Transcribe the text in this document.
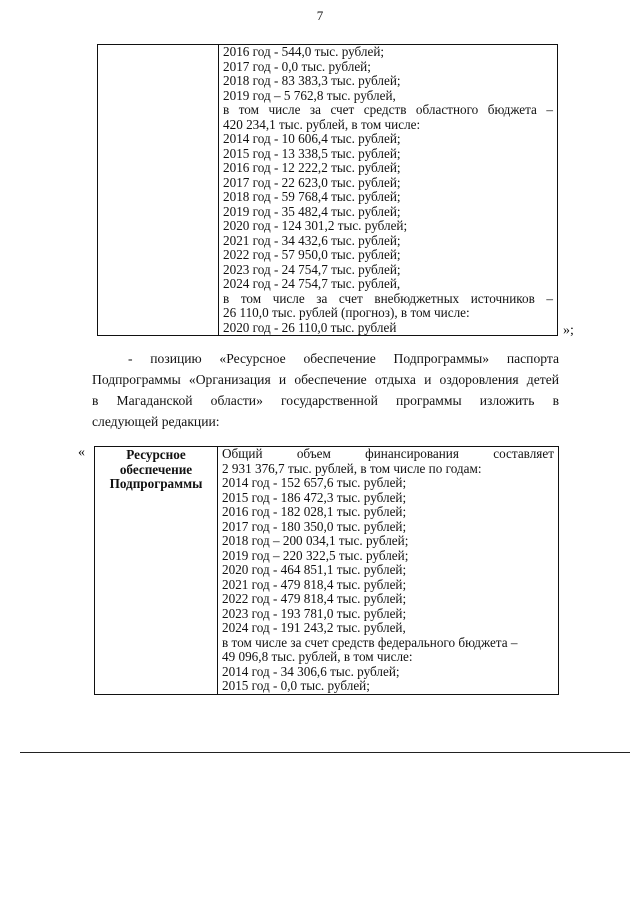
7

2016 год - 544,0 тыс. рублей;
2017 год - 0,0 тыс. рублей;
2018 год - 83 383,3 тыс. рублей;
2019 год – 5 762,8 тыс. рублей,
в том числе за счет средств областного бюджета –
420 234,1 тыс. рублей, в том числе:
2014 год - 10 606,4 тыс. рублей;
2015 год - 13 338,5 тыс. рублей;
2016 год - 12 222,2 тыс. рублей;
2017 год - 22 623,0 тыс. рублей;
2018 год - 59 768,4 тыс. рублей;
2019 год - 35 482,4 тыс. рублей;
2020 год - 124 301,2 тыс. рублей;
2021 год - 34 432,6 тыс. рублей;
2022 год - 57 950,0 тыс. рублей;
2023 год - 24 754,7 тыс. рублей;
2024 год - 24 754,7 тыс. рублей,
в том числе за счет внебюджетных источников –
26 110,0 тыс. рублей (прогноз), в том числе:
2020 год - 26 110,0 тыс. рублей	»;
- позицию «Ресурсное обеспечение Подпрограммы» паспорта
Подпрограммы «Организация и обеспечение отдыха и оздоровления детей
в Магаданской области» государственной программы изложить в
следующей редакции:
«	Ресурсное
обеспечение
Подпрограммы

Общий объем финансирования составляет
2 931 376,7 тыс. рублей, в том числе по годам:
2014 год - 152 657,6 тыс. рублей;
2015 год - 186 472,3 тыс. рублей;
2016 год - 182 028,1 тыс. рублей;
2017 год - 180 350,0 тыс. рублей;
2018 год – 200 034,1 тыс. рублей;
2019 год – 220 322,5 тыс. рублей;
2020 год - 464 851,1 тыс. рублей;
2021 год - 479 818,4 тыс. рублей;
2022 год - 479 818,4 тыс. рублей;
2023 год - 193 781,0 тыс. рублей;
2024 год - 191 243,2 тыс. рублей,
в том числе за счет средств федерального бюджета –
49 096,8 тыс. рублей, в том числе:
2014 год - 34 306,6 тыс. рублей;
2015 год - 0,0 тыс. рублей;
